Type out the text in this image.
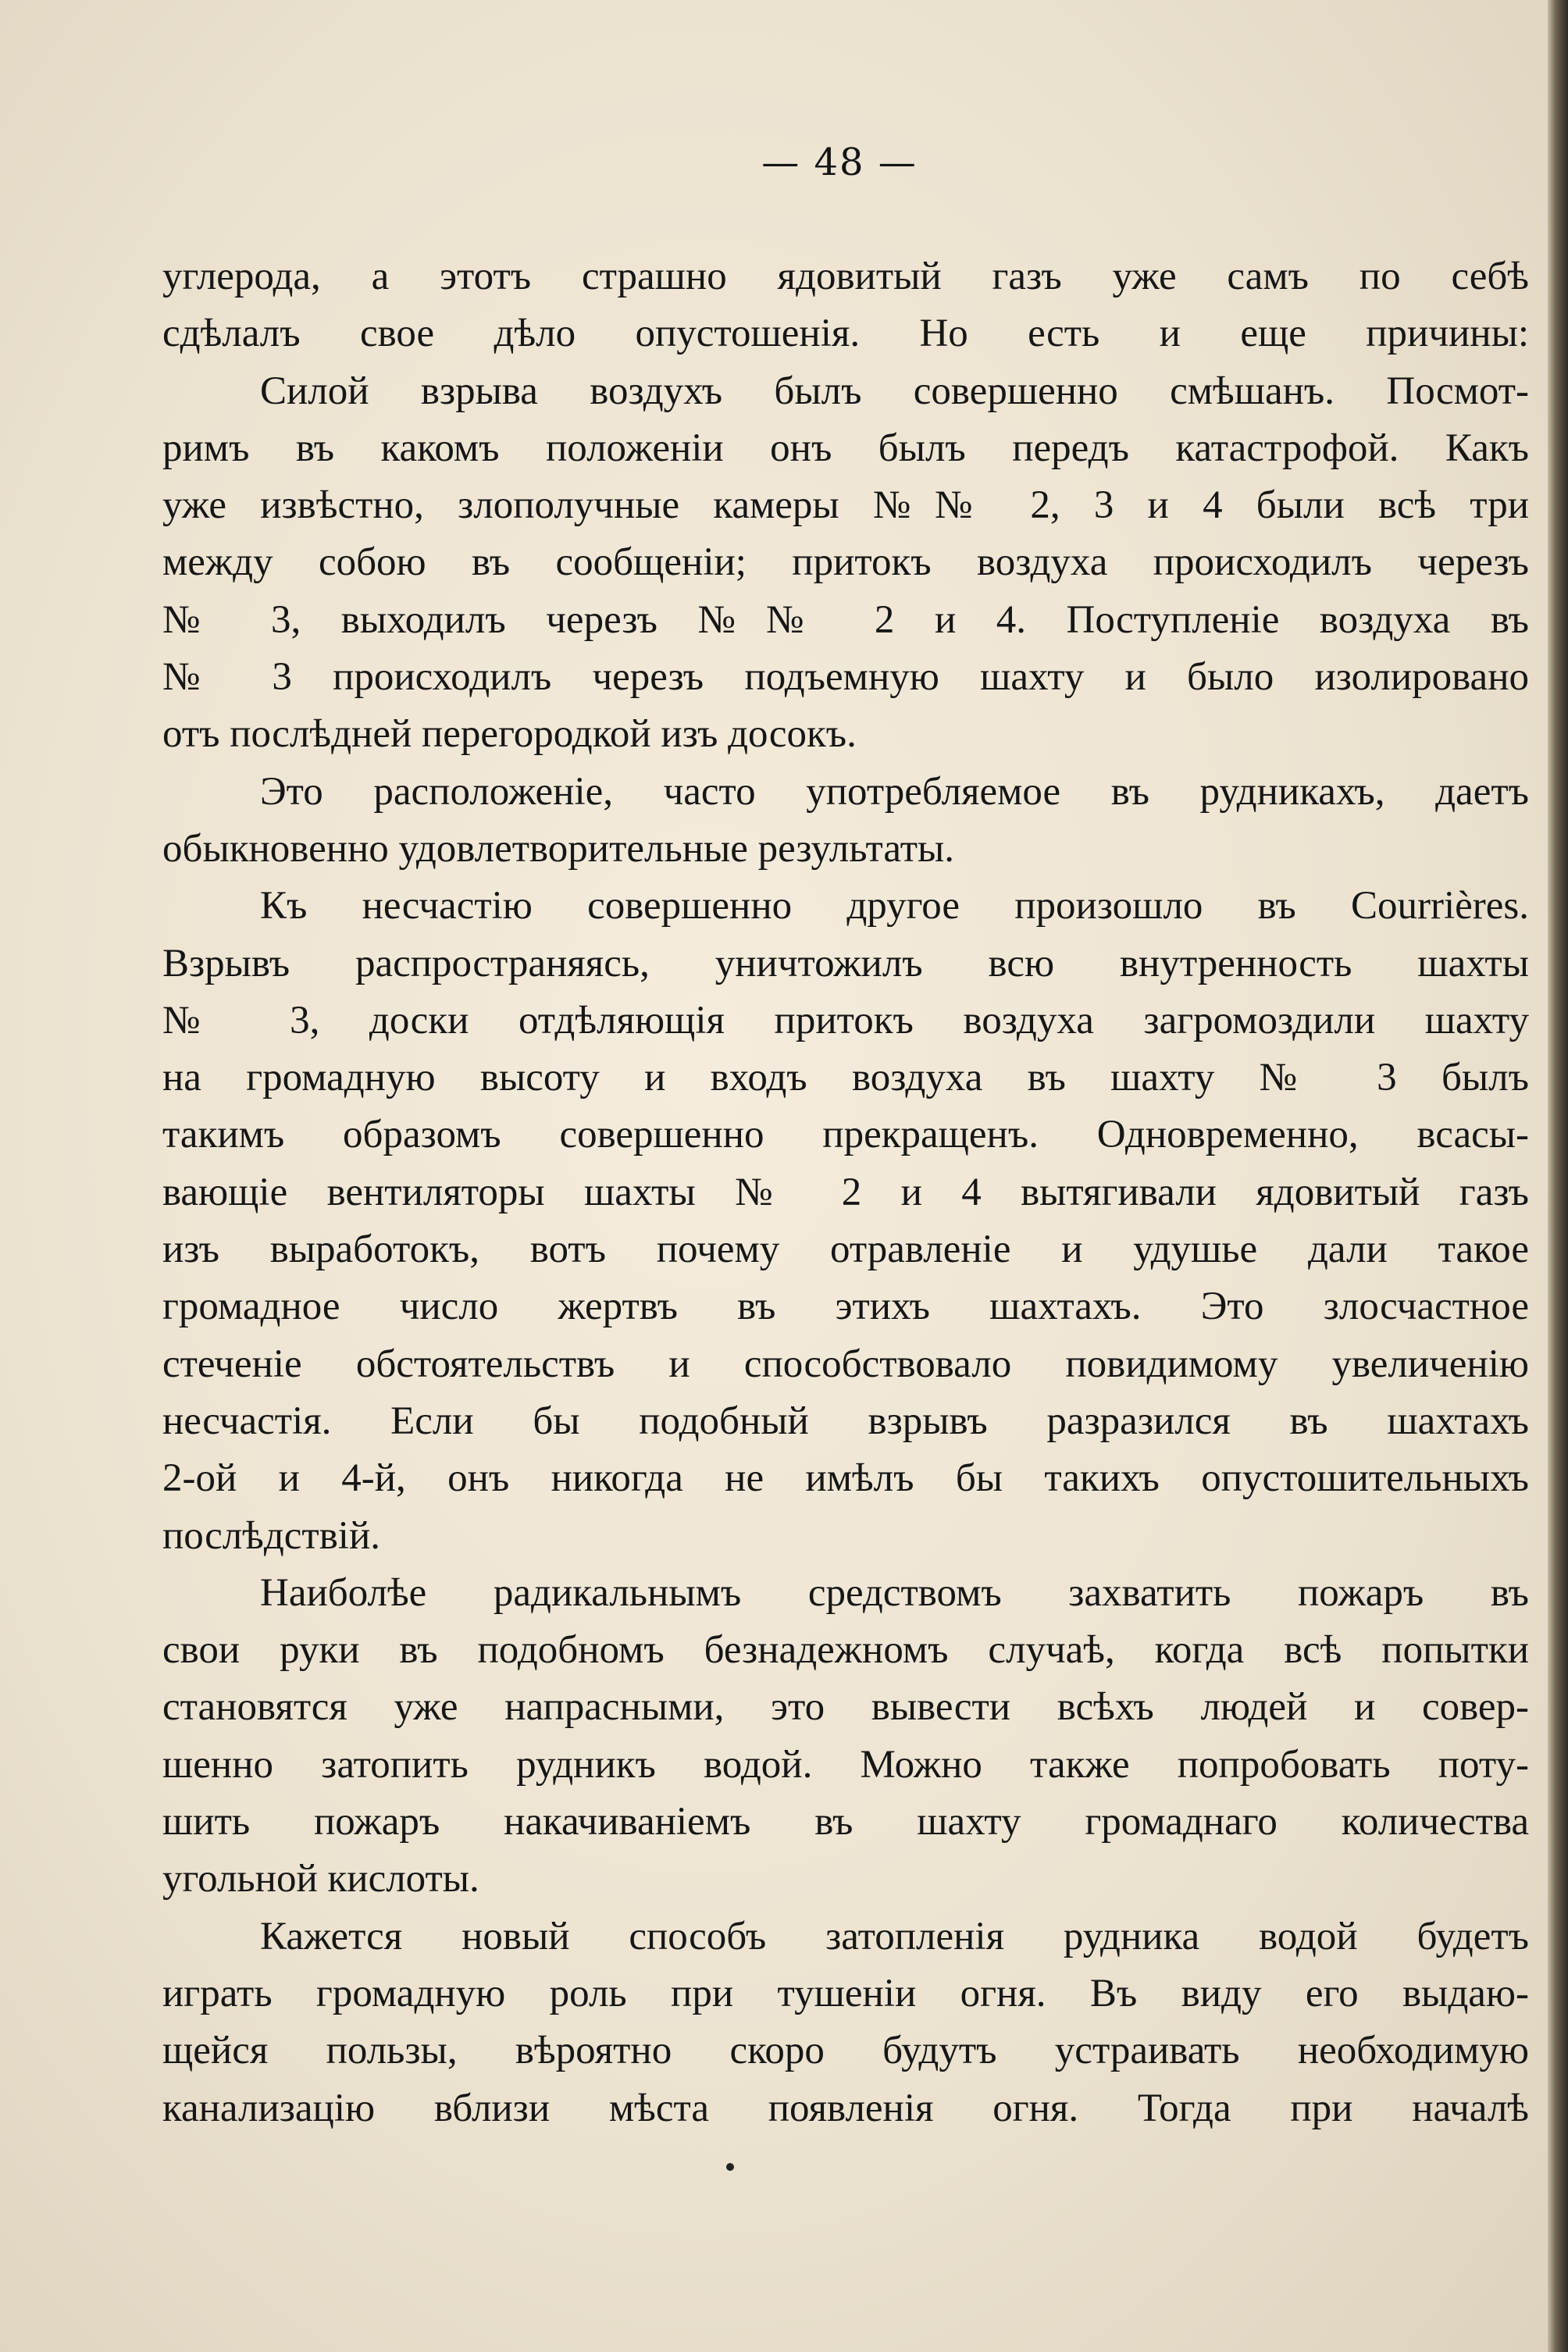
— 48 —
углерода, а этотъ страшно ядовитый газъ уже самъ по себѣ
сдѣлалъ свое дѣло опустошенія. Но есть и еще причины:
Силой взрыва воздухъ былъ совершенно смѣшанъ. Посмот-
римъ въ какомъ положеніи онъ былъ передъ катастрофой. Какъ
уже извѣстно, злополучные камеры №№ 2, 3 и 4 были всѣ три
между собою въ сообщеніи; притокъ воздуха происходилъ черезъ
№ 3, выходилъ черезъ №№ 2 и 4. Поступленіе воздуха въ
№ 3 происходилъ черезъ подъемную шахту и было изолировано
отъ послѣдней перегородкой изъ досокъ.
Это расположеніе, часто употребляемое въ рудникахъ, даетъ
обыкновенно удовлетворительные результаты.
Къ несчастію совершенно другое произошло въ Courrières.
Взрывъ распространяясь, уничтожилъ всю внутренность шахты
№ 3, доски отдѣляющія притокъ воздуха загромоздили шахту
на громадную высоту и входъ воздуха въ шахту № 3 былъ
такимъ образомъ совершенно прекращенъ. Одновременно, всасы-
вающіе вентиляторы шахты № 2 и 4 вытягивали ядовитый газъ
изъ выработокъ, вотъ почему отравленіе и удушье дали такое
громадное число жертвъ въ этихъ шахтахъ. Это злосчастное
стеченіе обстоятельствъ и способствовало повидимому увеличенію
несчастія. Если бы подобный взрывъ разразился въ шахтахъ
2-ой и 4-й, онъ никогда не имѣлъ бы такихъ опустошительныхъ
послѣдствій.
Наиболѣе радикальнымъ средствомъ захватить пожаръ въ
свои руки въ подобномъ безнадежномъ случаѣ, когда всѣ попытки
становятся уже напрасными, это вывести всѣхъ людей и совер-
шенно затопить рудникъ водой. Можно также попробовать поту-
шить пожаръ накачиваніемъ въ шахту громаднаго количества
угольной кислоты.
Кажется новый способъ затопленія рудника водой будетъ
играть громадную роль при тушеніи огня. Въ виду его выдаю-
щейся пользы, вѣроятно скоро будутъ устраивать необходимую
канализацію вблизи мѣста появленія огня. Тогда при началѣ
